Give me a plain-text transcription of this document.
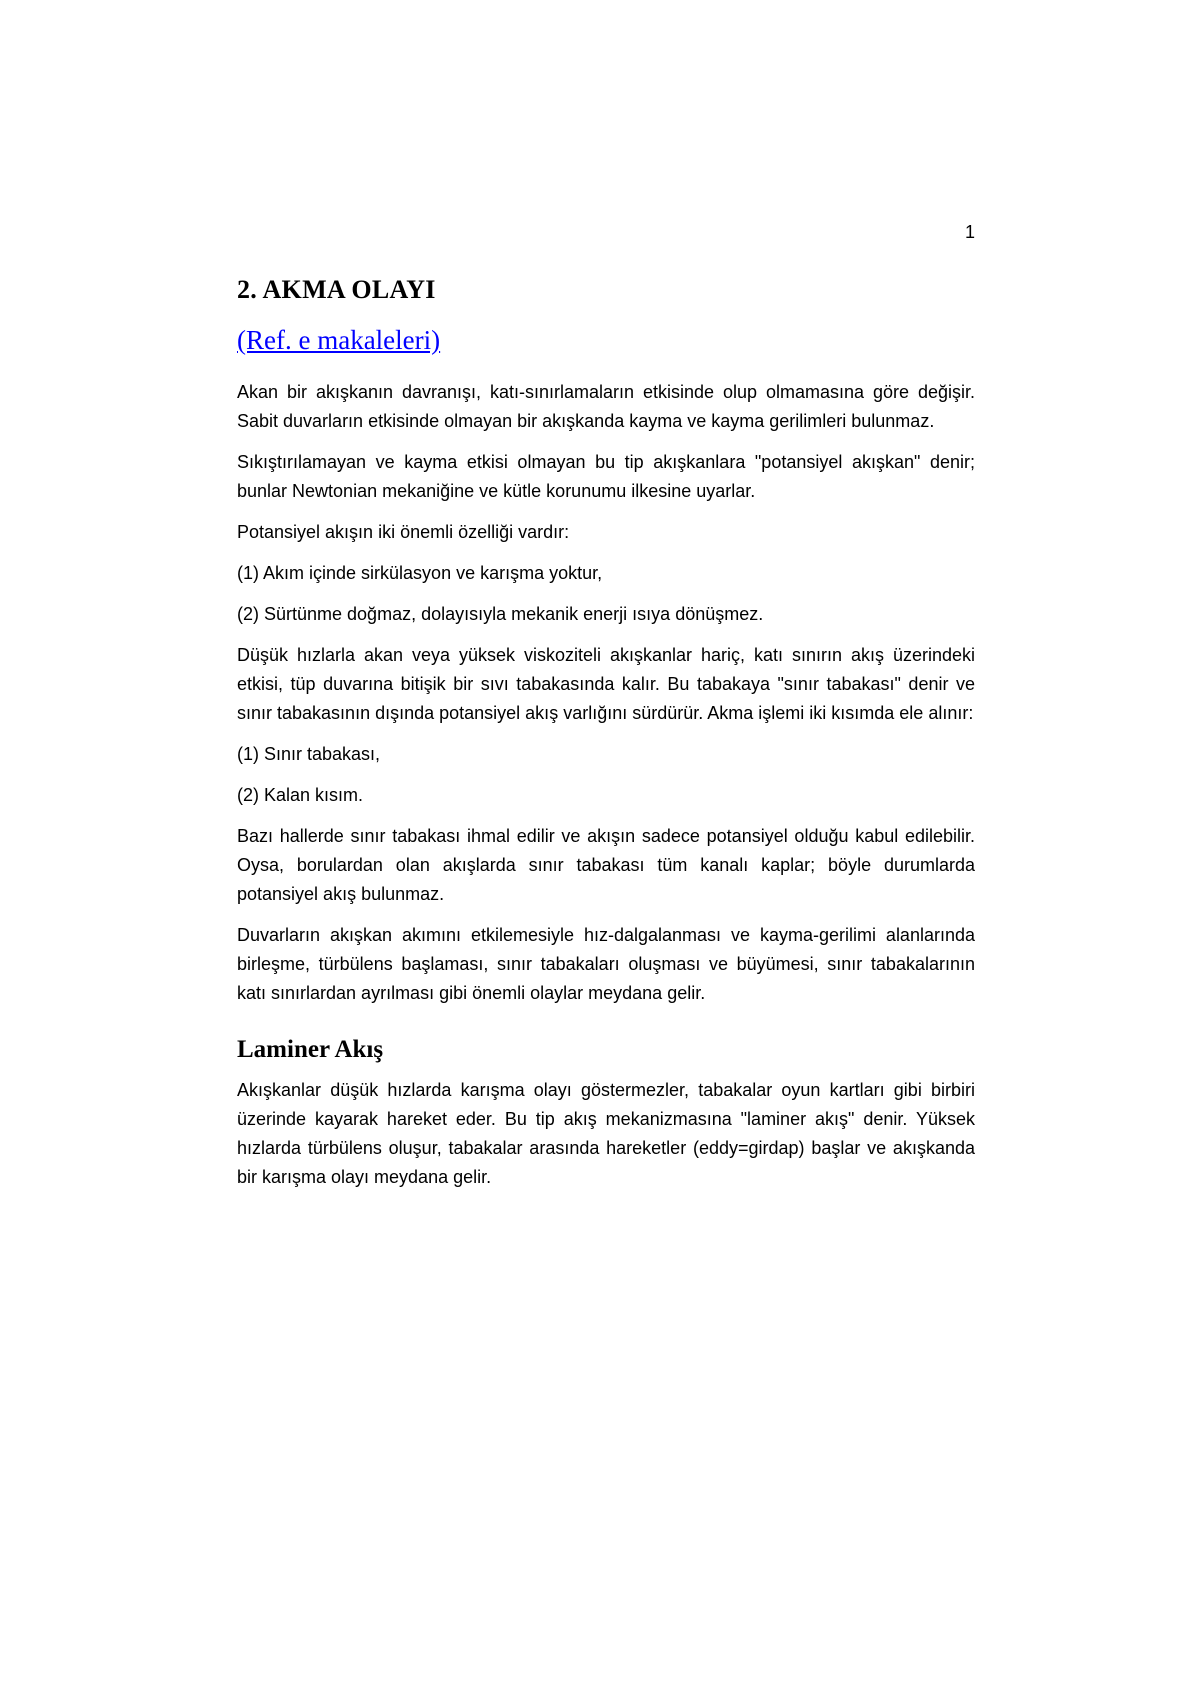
1
2. AKMA OLAYI
(Ref. e makaleleri)

Akan bir akışkanın davranışı, katı-sınırlamaların etkisinde olup olmamasına göre değişir. Sabit duvarların etkisinde olmayan bir akışkanda kayma ve kayma gerilimleri bulunmaz.

Sıkıştırılamayan ve kayma etkisi olmayan bu tip akışkanlara "potansiyel akışkan" denir; bunlar Newtonian mekaniğine ve kütle korunumu ilkesine uyarlar.

Potansiyel akışın iki önemli özelliği vardır:

(1) Akım içinde sirkülasyon ve karışma yoktur,

(2) Sürtünme doğmaz, dolayısıyla mekanik enerji ısıya dönüşmez.

Düşük hızlarla akan veya yüksek viskoziteli akışkanlar hariç, katı sınırın akış üzerindeki etkisi, tüp duvarına bitişik bir sıvı tabakasında kalır. Bu tabakaya "sınır tabakası" denir ve sınır tabakasının dışında potansiyel akış varlığını sürdürür. Akma işlemi iki kısımda ele alınır:

(1) Sınır tabakası,

(2) Kalan kısım.

Bazı hallerde sınır tabakası ihmal edilir ve akışın sadece potansiyel olduğu kabul edilebilir. Oysa, borulardan olan akışlarda sınır tabakası tüm kanalı kaplar; böyle durumlarda potansiyel akış bulunmaz.

Duvarların akışkan akımını etkilemesiyle hız-dalgalanması ve kayma-gerilimi alanlarında birleşme, türbülens başlaması, sınır tabakaları oluşması ve büyümesi, sınır tabakalarının katı sınırlardan ayrılması gibi önemli olaylar meydana gelir.

Laminer Akış

Akışkanlar düşük hızlarda karışma olayı göstermezler, tabakalar oyun kartları gibi birbiri üzerinde kayarak hareket eder. Bu tip akış mekanizmasına "laminer akış" denir. Yüksek hızlarda türbülens oluşur, tabakalar arasında hareketler (eddy=girdap) başlar ve akışkanda bir karışma olayı meydana gelir.
